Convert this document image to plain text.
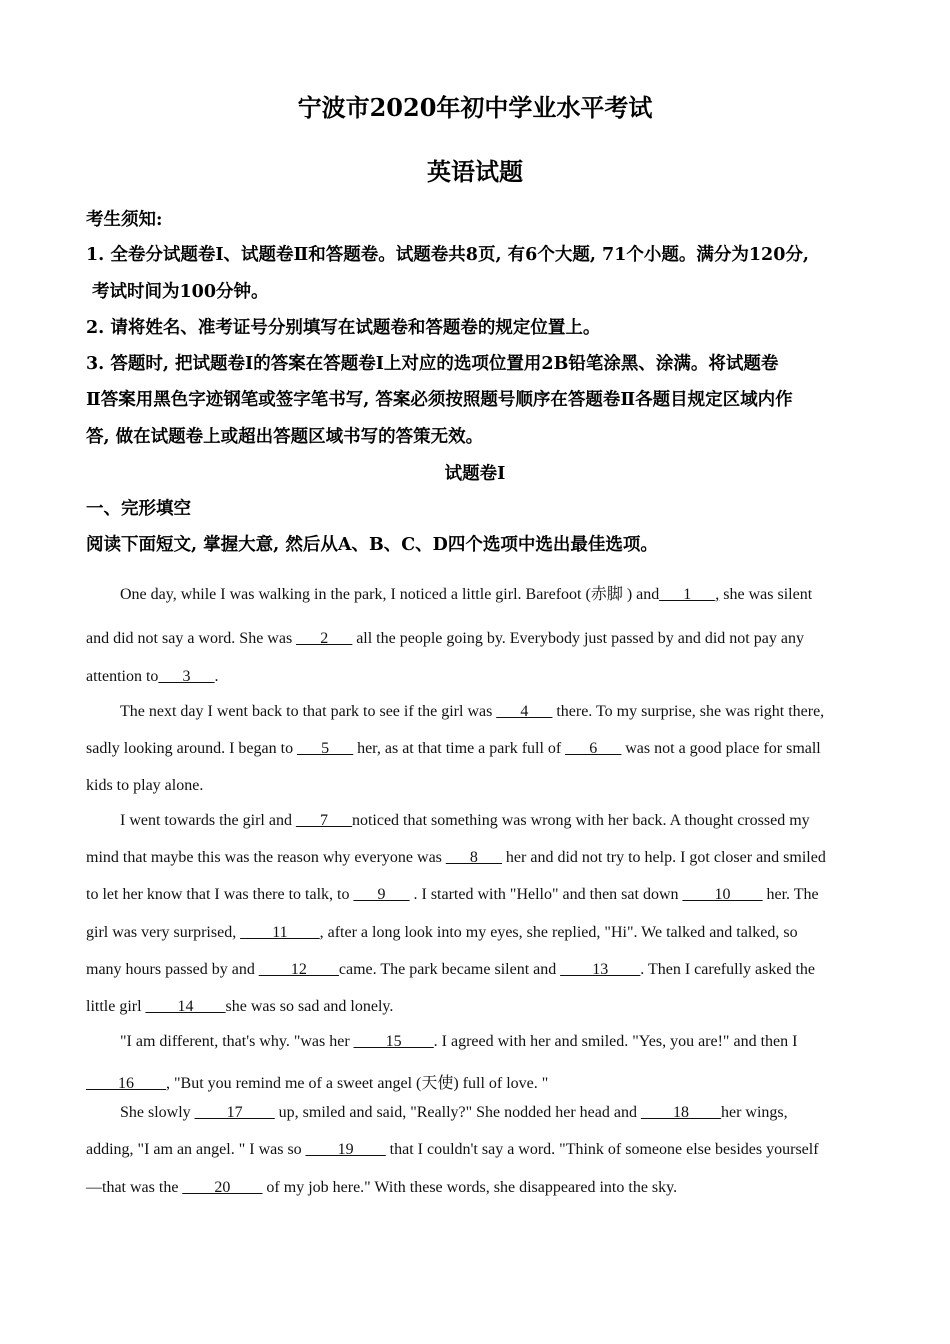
宁波市2020年初中学业水平考试
英语试题
考生须知:
1. 全卷分试题卷I、试题卷Ⅱ和答题卷。试题卷共8页, 有6个大题, 71个小题。满分为120分,
考试时间为100分钟。
2. 请将姓名、准考证号分别填写在试题卷和答题卷的规定位置上。
3. 答题时, 把试题卷I的答案在答题卷I上对应的选项位置用2B铅笔涂黑、涂满。将试题卷
Ⅱ答案用黑色字迹钢笔或签字笔书写, 答案必须按照题号顺序在答题卷Ⅱ各题目规定区域内作
答, 做在试题卷上或超出答题区域书写的答策无效。
试题卷I
一、完形填空
阅读下面短文, 掌握大意, 然后从A、B、C、D四个选项中选出最佳选项。
One day, while I was walking in the park, I noticed a little girl. Barefoot (赤脚 ) and___1___, she was silent
and did not say a word. She was ___2___ all the people going by. Everybody just passed by and did not pay any
attention to___3___.
The next day I went back to that park to see if the girl was ___4___ there. To my surprise, she was right there,
sadly looking around. I began to ___5___ her, as at that time a park full of ___6___ was not a good place for small
kids to play alone.
I went towards the girl and ___7___noticed that something was wrong with her back. A thought crossed my
mind that maybe this was the reason why everyone was ___8___ her and did not try to help. I got closer and smiled
to let her know that I was there to talk, to ___9___ . I started with "Hello" and then sat down ____10____ her. The
girl was very surprised, ____11____, after a long look into my eyes, she replied, "Hi". We talked and talked, so
many hours passed by and ____12____came. The park became silent and ____13____. Then I carefully asked the
little girl ____14____she was so sad and lonely.
"I am different, that's why. "was her ____15____. I agreed with her and smiled. "Yes, you are!" and then I
____16____, "But you remind me of a sweet angel (天使) full of love. "
She slowly ____17____ up, smiled and said, "Really?" She nodded her head and ____18____her wings,
adding, "I am an angel. " I was so ____19____ that I couldn't say a word. "Think of someone else besides yourself
—that was the ____20____ of my job here." With these words, she disappeared into the sky.
